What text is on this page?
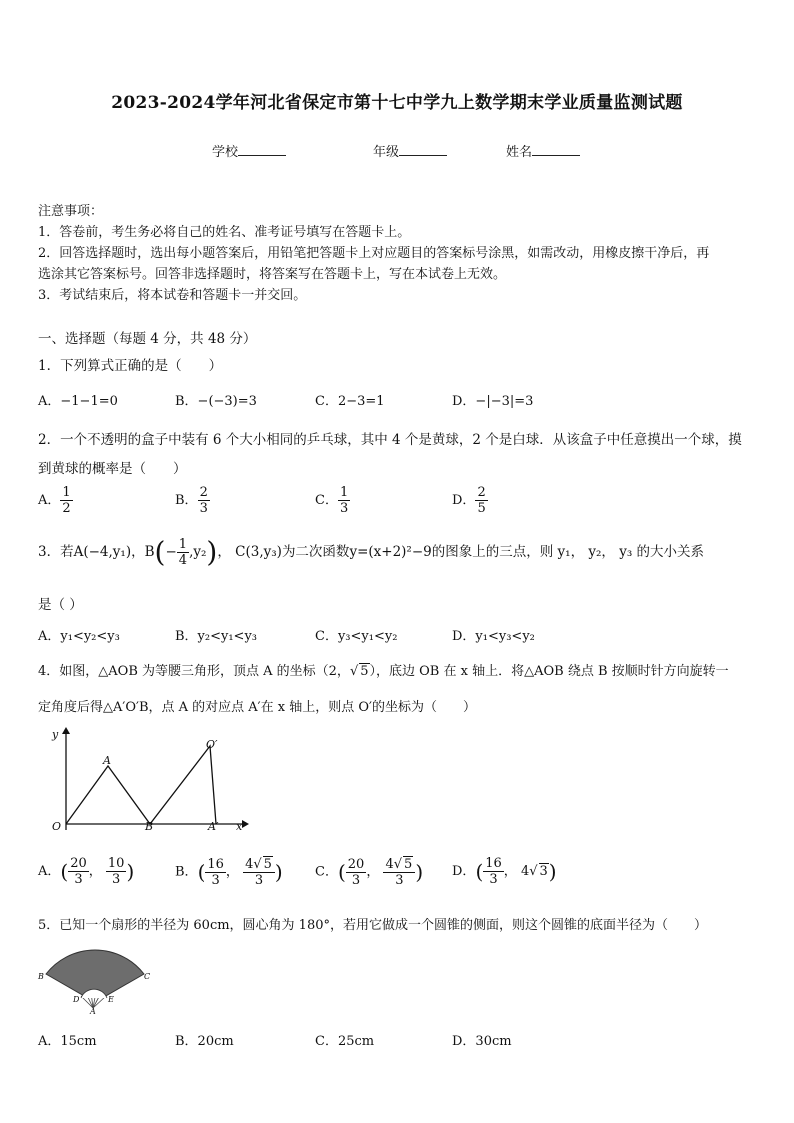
2023-2024学年河北省保定市第十七中学九上数学期末学业质量监测试题
学校	年级	姓名
注意事项：
1．答卷前，考生务必将自己的姓名、准考证号填写在答题卡上。
2．回答选择题时，选出每小题答案后，用铅笔把答题卡上对应题目的答案标号涂黑，如需改动，用橡皮擦干净后，再
选涂其它答案标号。回答非选择题时，将答案写在答题卡上，写在本试卷上无效。
3．考试结束后，将本试卷和答题卡一并交回。
一、选择题（每题 4 分，共 48 分）
1．下列算式正确的是（　　）
A．−1−1=0	B．−(−3)=3	C．2−3=1	D．−|−3|=3
2．一个不透明的盒子中装有 6 个大小相同的乒乓球，其中 4 个是黄球，2 个是白球．从该盒子中任意摸出一个球，摸
到黄球的概率是（　　）
A． $\frac{1}{2}$	B． $\frac{2}{3}$	C． $\frac{1}{3}$	D． $\frac{2}{5}$
3．若A(−4,y₁)，$B(- \frac{1}{4} ,y_2)$， C(3,y₃)为二次函数y=(x+2)²−9的图象上的三点，则 y₁， y₂， y₃ 的大小关系
是（ ）
A．y₁<y₂<y₃	B．y₂<y₁<y₃	C．y₃<y₁<y₂	D．y₁<y₃<y₂
4．如图，△AOB 为等腰三角形，顶点 A 的坐标（2，√ 5），底边 OB 在 x 轴上．将△AOB 绕点 B 按顺时针方向旋转一
定角度后得△A′O′B，点 A 的对应点 A′在 x 轴上，则点 O′的坐标为（　　）
y
x
O
A
B
O′
A′
A．( $\frac{20}{3}$ ， $\frac{10}{3}$ )	B．( $\frac{16}{3}$ ， $\frac{4√ 5}{3}$ ) C．( $\frac{20}{3}$ ， $\frac{4√ 5}{3}$ ) D．( $\frac{16}{3}$ ， 4√ 3)
5．已知一个扇形的半径为 60cm，圆心角为 180°，若用它做成一个圆锥的侧面，则这个圆锥的底面半径为（　　）
B	C
D	E
A
A．15cm	B．20cm	C．25cm	D．30cm
